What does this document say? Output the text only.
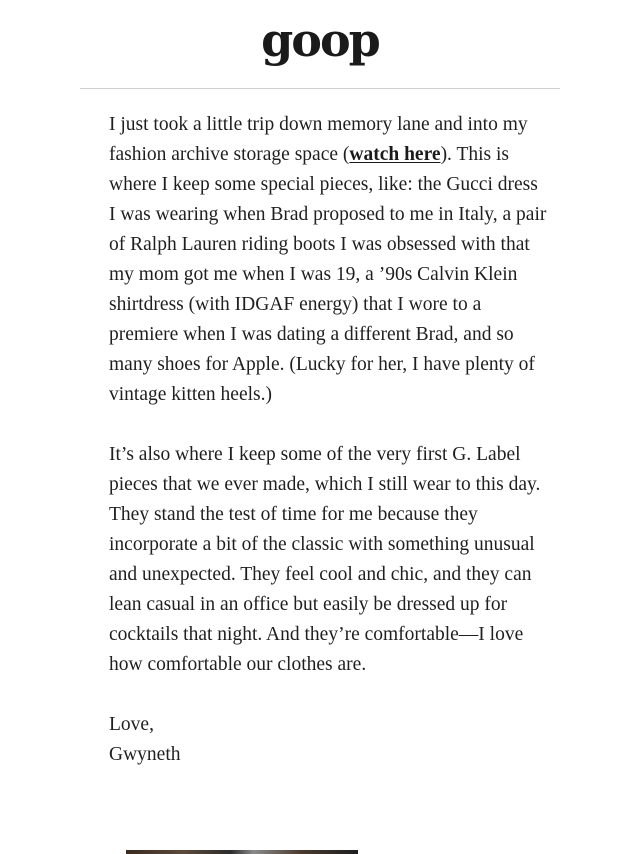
goop

I just took a little trip down memory lane and into my fashion archive storage space (watch here). This is where I keep some special pieces, like: the Gucci dress I was wearing when Brad proposed to me in Italy, a pair of Ralph Lauren riding boots I was obsessed with that my mom got me when I was 19, a ’90s Calvin Klein shirtdress (with IDGAF energy) that I wore to a premiere when I was dating a different Brad, and so many shoes for Apple. (Lucky for her, I have plenty of vintage kitten heels.)

It’s also where I keep some of the very first G. Label pieces that we ever made, which I still wear to this day. They stand the test of time for me because they incorporate a bit of the classic with something unusual and unexpected. They feel cool and chic, and they can lean casual in an office but easily be dressed up for cocktails that night. And they’re comfortable—I love how comfortable our clothes are.

Love,
Gwyneth
